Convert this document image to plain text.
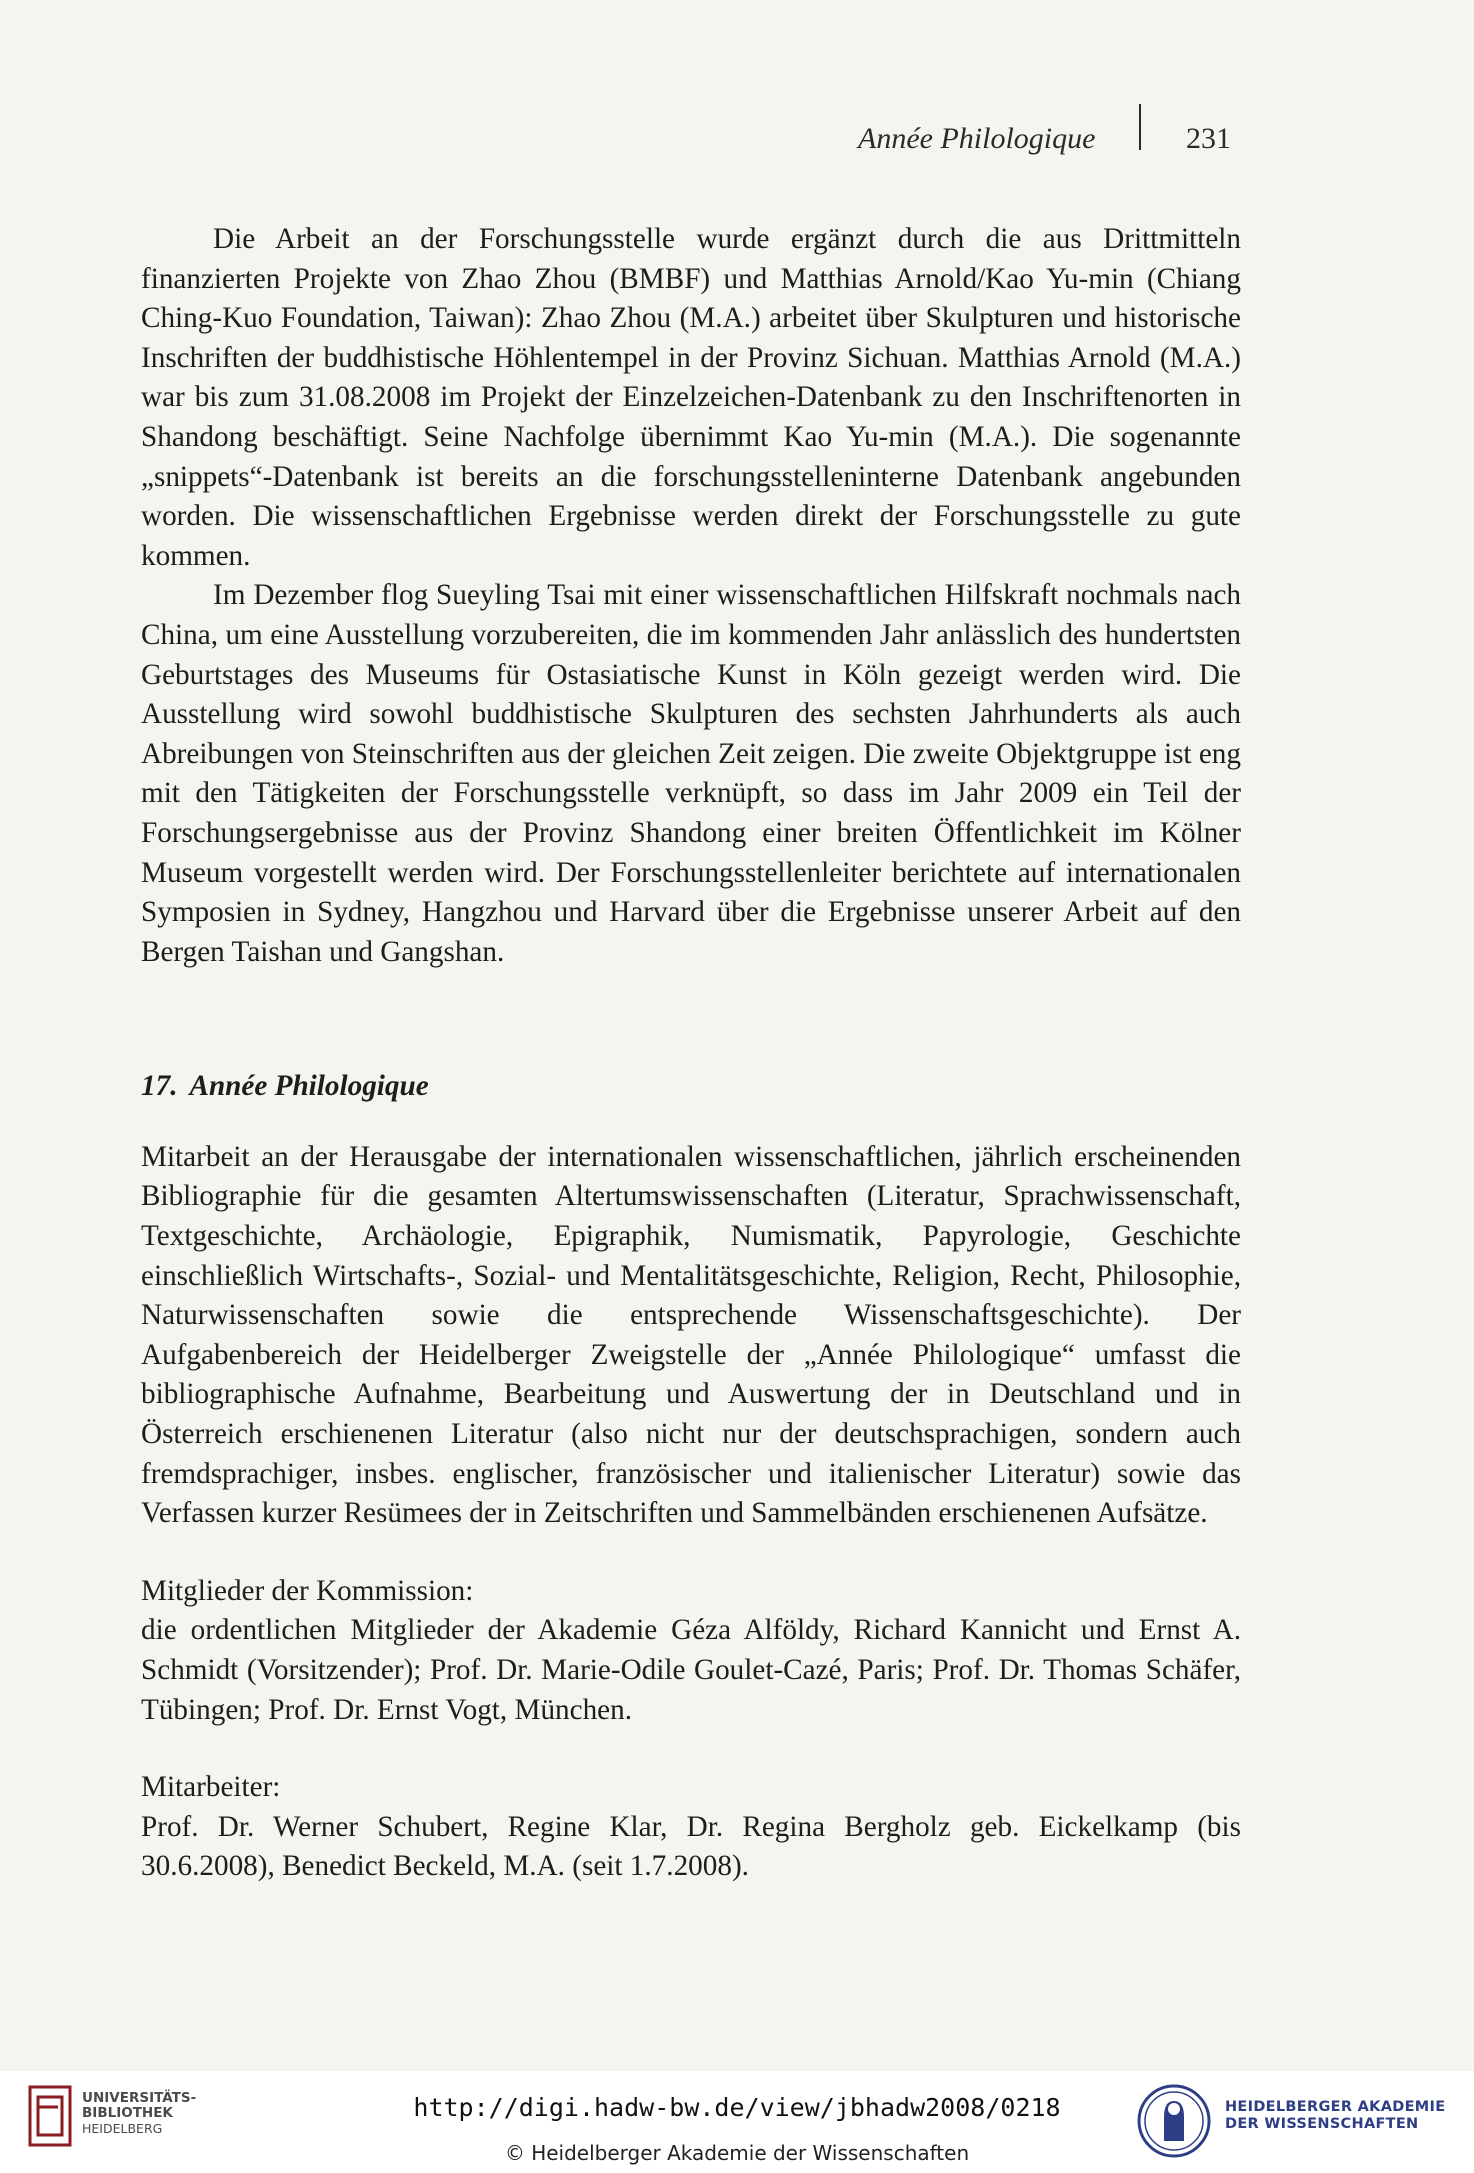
Année Philologique	231

Die Arbeit an der Forschungsstelle wurde ergänzt durch die aus Drittmitteln finanzierten Projekte von Zhao Zhou (BMBF) und Matthias Arnold/Kao Yu-min (Chiang Ching-Kuo Foundation, Taiwan): Zhao Zhou (M.A.) arbeitet über Skulpturen und historische Inschriften der buddhistische Höhlentempel in der Provinz Sichuan. Matthias Arnold (M.A.) war bis zum 31.08.2008 im Projekt der Einzelzeichen-Datenbank zu den Inschriftenorten in Shandong beschäftigt. Seine Nachfolge übernimmt Kao Yu-min (M.A.). Die sogenannte „snippets“-Datenbank ist bereits an die forschungsstelleninterne Datenbank angebunden worden. Die wissenschaftlichen Ergebnisse werden direkt der Forschungsstelle zu gute kommen.

Im Dezember flog Sueyling Tsai mit einer wissenschaftlichen Hilfskraft nochmals nach China, um eine Ausstellung vorzubereiten, die im kommenden Jahr anlässlich des hundertsten Geburtstages des Museums für Ostasiatische Kunst in Köln gezeigt werden wird. Die Ausstellung wird sowohl buddhistische Skulpturen des sechsten Jahrhunderts als auch Abreibungen von Steinschriften aus der gleichen Zeit zeigen. Die zweite Objektgruppe ist eng mit den Tätigkeiten der Forschungsstelle verknüpft, so dass im Jahr 2009 ein Teil der Forschungsergebnisse aus der Provinz Shandong einer breiten Öffentlichkeit im Kölner Museum vorgestellt werden wird. Der Forschungsstellenleiter berichtete auf internationalen Symposien in Sydney, Hangzhou und Harvard über die Ergebnisse unserer Arbeit auf den Bergen Taishan und Gangshan.

17. Année Philologique

Mitarbeit an der Herausgabe der internationalen wissenschaftlichen, jährlich erscheinenden Bibliographie für die gesamten Altertumswissenschaften (Literatur, Sprachwissenschaft, Textgeschichte, Archäologie, Epigraphik, Numismatik, Papyrologie, Geschichte einschließlich Wirtschafts-, Sozial- und Mentalitätsgeschichte, Religion, Recht, Philosophie, Naturwissenschaften sowie die entsprechende Wissenschaftsgeschichte). Der Aufgabenbereich der Heidelberger Zweigstelle der „Année Philologique“ umfasst die bibliographische Aufnahme, Bearbeitung und Auswertung der in Deutschland und in Österreich erschienenen Literatur (also nicht nur der deutschsprachigen, sondern auch fremdsprachiger, insbes. englischer, französischer und italienischer Literatur) sowie das Verfassen kurzer Resümees der in Zeitschriften und Sammelbänden erschienenen Aufsätze.

Mitglieder der Kommission:

die ordentlichen Mitglieder der Akademie Géza Alföldy, Richard Kannicht und Ernst A. Schmidt (Vorsitzender); Prof. Dr. Marie-Odile Goulet-Cazé, Paris; Prof. Dr. Thomas Schäfer, Tübingen; Prof. Dr. Ernst Vogt, München.

Mitarbeiter:

Prof. Dr. Werner Schubert, Regine Klar, Dr. Regina Bergholz geb. Eickelkamp (bis 30.6.2008), Benedict Beckeld, M.A. (seit 1.7.2008).

UNIVERSITÄTS-
BIBLIOTHEK
HEIDELBERG
http://digi.hadw-bw.de/view/jbhadw2008/0218
© Heidelberger Akademie der Wissenschaften
HEIDELBERGER AKADEMIE
DER WISSENSCHAFTEN
